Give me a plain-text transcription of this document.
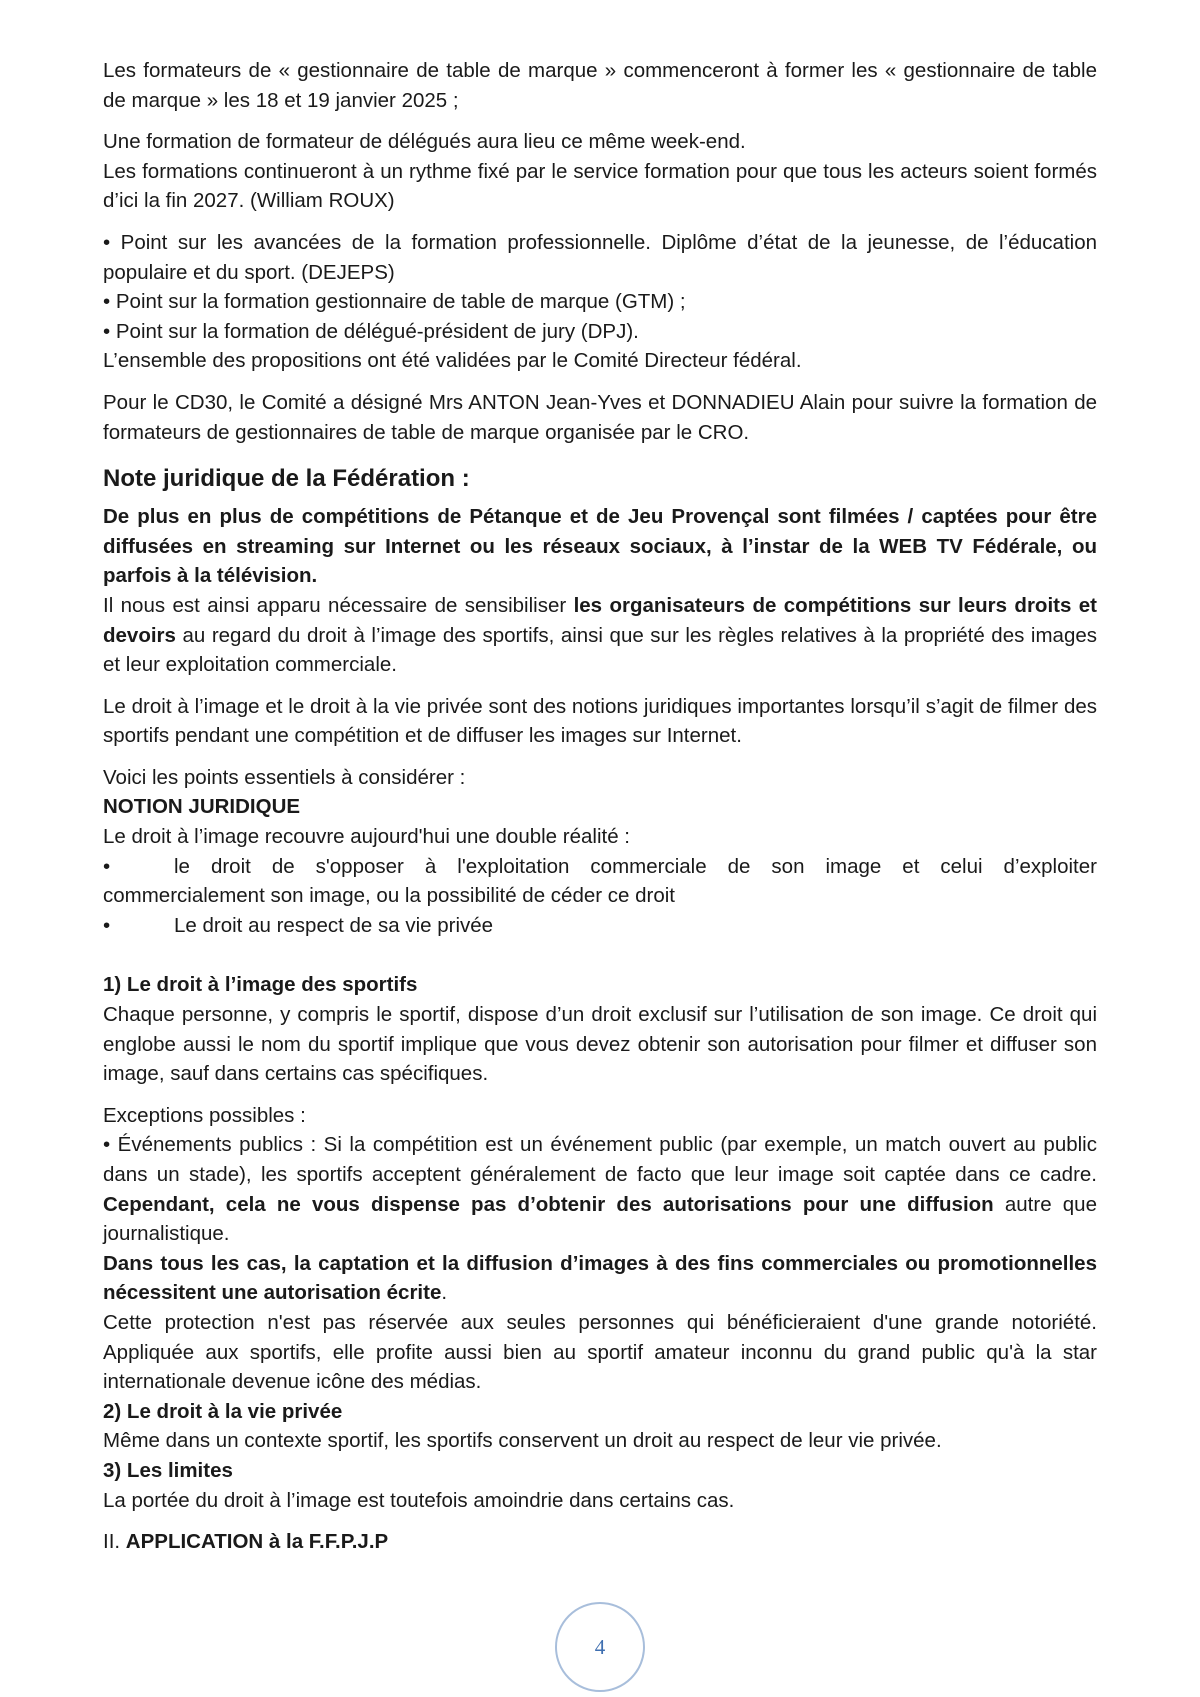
Les formateurs de « gestionnaire de table de marque » commenceront à former les « gestionnaire de table de marque » les 18 et 19 janvier 2025 ;

Une formation de formateur de délégués aura lieu ce même week-end.

Les formations continueront à un rythme fixé par le service formation pour que tous les acteurs soient formés d’ici la fin 2027. (William ROUX)

• Point sur les avancées de la formation professionnelle. Diplôme d’état de la jeunesse, de l’éducation populaire et du sport. (DEJEPS)

• Point sur la formation gestionnaire de table de marque (GTM) ;

• Point sur la formation de délégué-président de jury (DPJ).

L’ensemble des propositions ont été validées par le Comité Directeur fédéral.

Pour le CD30, le Comité a désigné Mrs ANTON Jean-Yves et DONNADIEU Alain pour suivre la formation de formateurs de gestionnaires de table de marque organisée par le CRO.

Note juridique de la Fédération :

De plus en plus de compétitions de Pétanque et de Jeu Provençal sont filmées / captées pour être diffusées en streaming sur Internet ou les réseaux sociaux, à l’instar de la WEB TV Fédérale, ou parfois à la télévision.

Il nous est ainsi apparu nécessaire de sensibiliser les organisateurs de compétitions sur leurs droits et devoirs au regard du droit à l’image des sportifs, ainsi que sur les règles relatives à la propriété des images et leur exploitation commerciale.

Le droit à l’image et le droit à la vie privée sont des notions juridiques importantes lorsqu’il s’agit de filmer des sportifs pendant une compétition et de diffuser les images sur Internet.

Voici les points essentiels à considérer :

NOTION JURIDIQUE

Le droit à l’image recouvre aujourd'hui une double réalité :

•	le droit de s'opposer à l'exploitation commerciale de son image et celui d’exploiter

commercialement son image, ou la possibilité de céder ce droit

•	Le droit au respect de sa vie privée

1) Le droit à l’image des sportifs

Chaque personne, y compris le sportif, dispose d’un droit exclusif sur l’utilisation de son image. Ce droit qui englobe aussi le nom du sportif implique que vous devez obtenir son autorisation pour filmer et diffuser son image, sauf dans certains cas spécifiques.

Exceptions possibles :

• Événements publics : Si la compétition est un événement public (par exemple, un match ouvert au public dans un stade), les sportifs acceptent généralement de facto que leur image soit captée dans ce cadre. Cependant, cela ne vous dispense pas d’obtenir des autorisations pour une diffusion autre que journalistique.

Dans tous les cas, la captation et la diffusion d’images à des fins commerciales ou promotionnelles nécessitent une autorisation écrite.

Cette protection n'est pas réservée aux seules personnes qui bénéficieraient d'une grande notoriété. Appliquée aux sportifs, elle profite aussi bien au sportif amateur inconnu du grand public qu'à la star internationale devenue icône des médias.

2) Le droit à la vie privée

Même dans un contexte sportif, les sportifs conservent un droit au respect de leur vie privée.

3) Les limites

La portée du droit à l’image est toutefois amoindrie dans certains cas.

II. APPLICATION à la F.F.P.J.P

4
